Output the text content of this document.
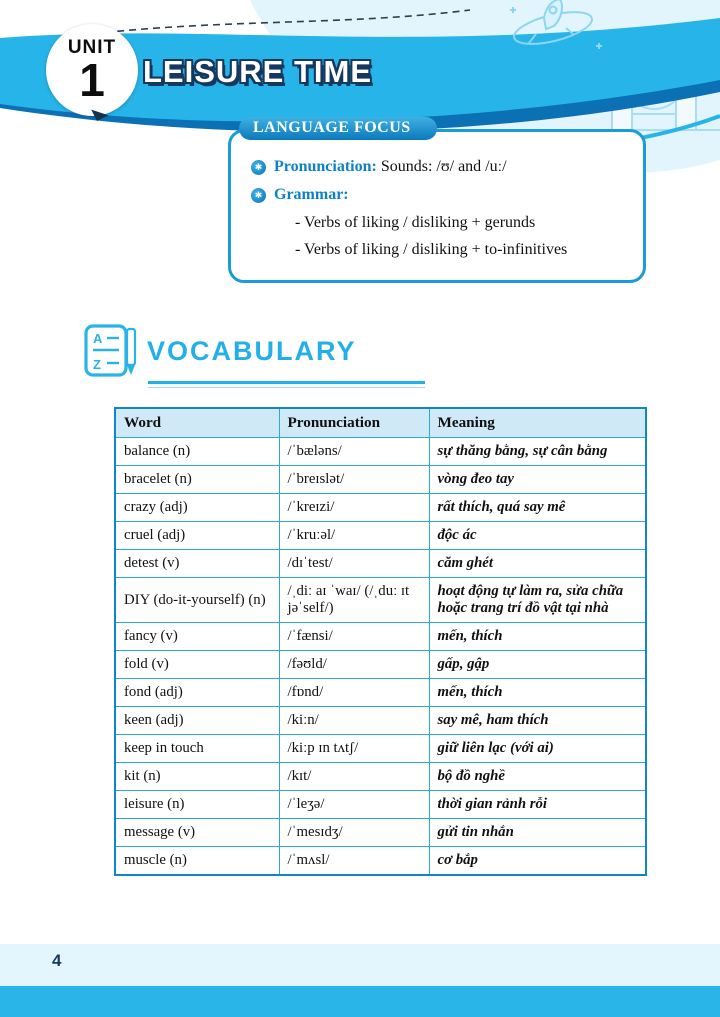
UNIT
1 LEISURE TIME
LANGUAGE FOCUS
✱ Pronunciation: Sounds: /ʊ/ and /uː/
✱ Grammar:
- Verbs of liking / disliking + gerunds
- Verbs of liking / disliking + to-infinitives
A
Z VOCABULARY
Word	Pronunciation	Meaning
balance (n)	/ˈbæləns/	sự thăng bằng, sự cân bằng
bracelet (n)	/ˈbreɪslət/	vòng đeo tay
crazy (adj)	/ˈkreɪzi/	rất thích, quá say mê
cruel (adj)	/ˈkruːəl/	độc ác
detest (v)	/dɪˈtest/	căm ghét
DIY (do-it-yourself) (n)	/ˌdiː aɪ ˈwaɪ/ (/ˌduː ɪt jəˈself/)	hoạt động tự làm ra, sửa chữa hoặc trang trí đồ vật tại nhà
fancy (v)	/ˈfænsi/	mến, thích
fold (v)	/fəʊld/	gấp, gập
fond (adj)	/fɒnd/	mến, thích
keen (adj)	/kiːn/	say mê, ham thích
keep in touch	/kiːp ɪn tʌtʃ/	giữ liên lạc (với ai)
kit (n)	/kɪt/	bộ đồ nghề
leisure (n)	/ˈleʒə/	thời gian rảnh rỗi
message (v)	/ˈmesɪdʒ/	gửi tin nhắn
muscle (n)	/ˈmʌsl/	cơ bắp
4
